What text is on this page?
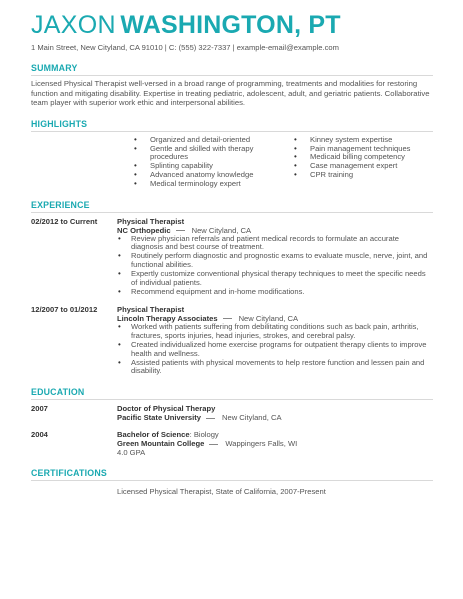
JAXON WASHINGTON, PT
1 Main Street, New Cityland, CA 91010 | C: (555) 322-7337 | example-email@example.com
SUMMARY
Licensed Physical Therapist well-versed in a broad range of programming, treatments and modalities for restoring function and mitigating disability. Expertise in treating pediatric, adolescent, adult, and geriatric patients. Collaborative team player with superior work ethic and interpersonal abilities.
HIGHLIGHTS
• Organized and detail-oriented
• Gentle and skilled with therapy procedures
• Splinting capability
• Advanced anatomy knowledge
• Medical terminology expert
• Kinney system expertise
• Pain management techniques
• Medicaid billing competency
• Case management expert
• CPR training
EXPERIENCE
02/2012 to Current	Physical Therapist
NC Orthopedic	New Cityland, CA
• Review physician referrals and patient medical records to formulate an accurate diagnosis and best course of treatment.
• Routinely perform diagnostic and prognostic exams to evaluate muscle, nerve, joint, and functional abilities.
• Expertly customize conventional physical therapy techniques to meet the specific needs of individual patients.
• Recommend equipment and in-home modifications.
12/2007 to 01/2012	Physical Therapist
Lincoln Therapy Associates	New Cityland, CA
• Worked with patients suffering from debilitating conditions such as back pain, arthritis, fractures, sports injuries, head injuries, strokes, and cerebral palsy.
• Created individualized home exercise programs for outpatient therapy clients to improve health and wellness.
• Assisted patients with physical movements to help restore function and lessen pain and disability.
EDUCATION
2007	Doctor of Physical Therapy
Pacific State University	New Cityland, CA
2004	Bachelor of Science: Biology
Green Mountain College	Wappingers Falls, WI
4.0 GPA
CERTIFICATIONS
Licensed Physical Therapist, State of California, 2007-Present
